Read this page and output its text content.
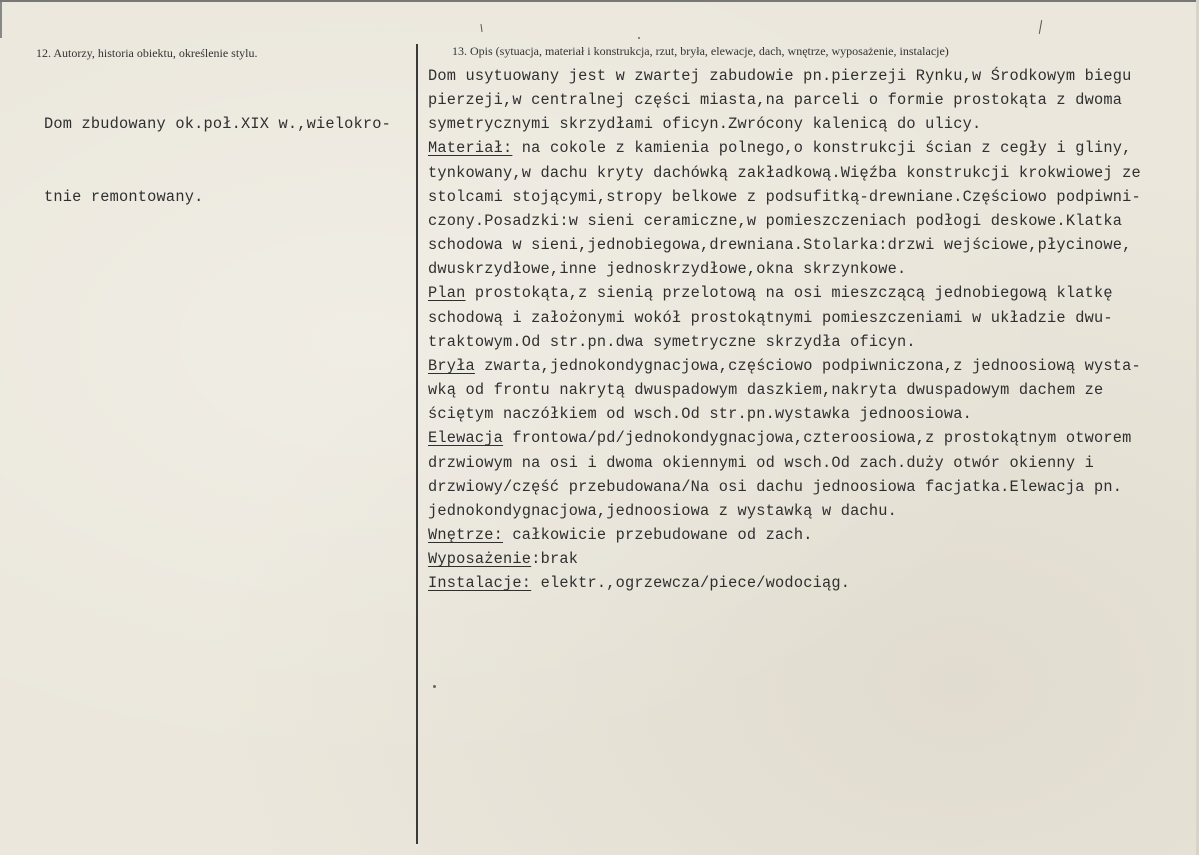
12. Autorzy, historia obiektu, określenie stylu.	13. Opis (sytuacja, materiał i konstrukcja, rzut, bryła, elewacje, dach, wnętrze, wyposażenie, instalacje)

Dom zbudowany ok.poł.XIX w.,wielokro-

tnie remontowany.

Dom usytuowany jest w zwartej zabudowie pn.pierzeji Rynku,w Środkowym biegu
pierzeji,w centralnej części miasta,na parceli o formie prostokąta z dwoma
symetrycznymi skrzydłami oficyn.Zwrócony kalenicą do ulicy.
Materiał: na cokole z kamienia polnego,o konstrukcji ścian z cegły i gliny,
tynkowany,w dachu kryty dachówką zakładkową.Więźba konstrukcji krokwiowej ze
stolcami stojącymi,stropy belkowe z podsufitką-drewniane.Częściowo podpiwni-
czony.Posadzki:w sieni ceramiczne,w pomieszczeniach podłogi deskowe.Klatka
schodowa w sieni,jednobiegowa,drewniana.Stolarka:drzwi wejściowe,płycinowe,
dwuskrzydłowe,inne jednoskrzydłowe,okna skrzynkowe.
Plan prostokąta,z sienią przelotową na osi mieszczącą jednobiegową klatkę
schodową i założonymi wokół prostokątnymi pomieszczeniami w układzie dwu-
traktowym.Od str.pn.dwa symetryczne skrzydła oficyn.
Bryła zwarta,jednokondygnacjowa,częściowo podpiwniczona,z jednoosiową wysta-
wką od frontu nakrytą dwuspadowym daszkiem,nakryta dwuspadowym dachem ze
ściętym naczółkiem od wsch.Od str.pn.wystawka jednoosiowa.
Elewacja frontowa/pd/jednokondygnacjowa,czteroosiowa,z prostokątnym otworem
drzwiowym na osi i dwoma okiennymi od wsch.Od zach.duży otwór okienny i
drzwiowy/część przebudowana/Na osi dachu jednoosiowa facjatka.Elewacja pn.
jednokondygnacjowa,jednoosiowa z wystawką w dachu.
Wnętrze: całkowicie przebudowane od zach.
Wyposażenie:brak
Instalacje: elektr.,ogrzewcza/piece/wodociąg.
